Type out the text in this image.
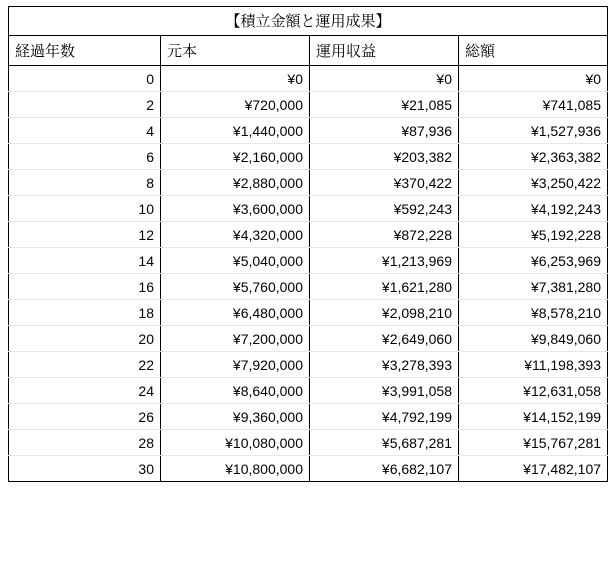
【積立金額と運用成果】			
経過年数	元本	運用収益	総額
0	¥0	¥0	¥0
2	¥720,000	¥21,085	¥741,085
4	¥1,440,000	¥87,936	¥1,527,936
6	¥2,160,000	¥203,382	¥2,363,382
8	¥2,880,000	¥370,422	¥3,250,422
10	¥3,600,000	¥592,243	¥4,192,243
12	¥4,320,000	¥872,228	¥5,192,228
14	¥5,040,000	¥1,213,969	¥6,253,969
16	¥5,760,000	¥1,621,280	¥7,381,280
18	¥6,480,000	¥2,098,210	¥8,578,210
20	¥7,200,000	¥2,649,060	¥9,849,060
22	¥7,920,000	¥3,278,393	¥11,198,393
24	¥8,640,000	¥3,991,058	¥12,631,058
26	¥9,360,000	¥4,792,199	¥14,152,199
28	¥10,080,000	¥5,687,281	¥15,767,281
30	¥10,800,000	¥6,682,107	¥17,482,107
